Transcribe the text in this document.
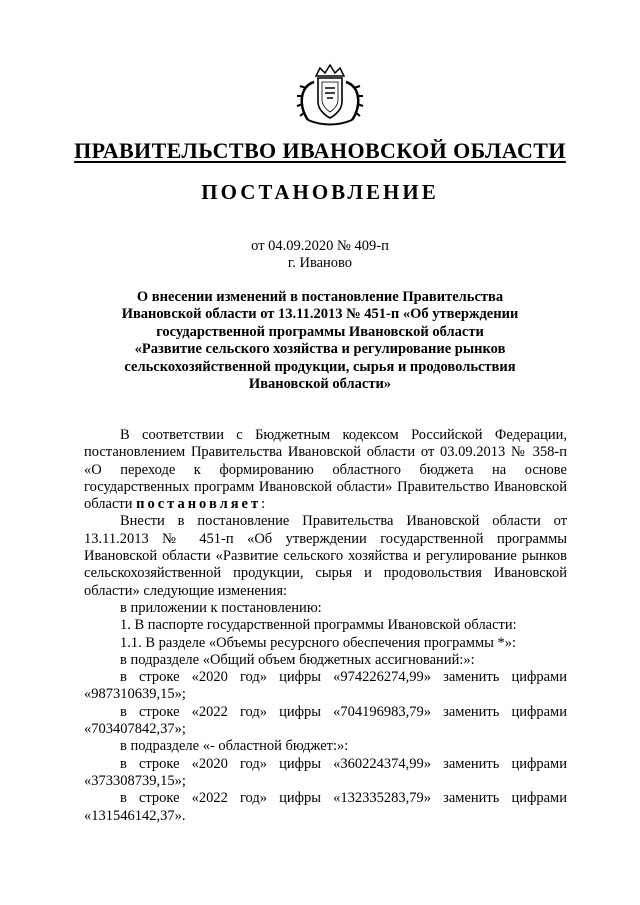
ПРАВИТЕЛЬСТВО ИВАНОВСКОЙ ОБЛАСТИ
ПОСТАНОВЛЕНИЕ
от 04.09.2020 № 409-п
г. Иваново
О внесении изменений в постановление Правительства
Ивановской области от 13.11.2013 № 451-п «Об утверждении
государственной программы Ивановской области
«Развитие сельского хозяйства и регулирование рынков
сельскохозяйственной продукции, сырья и продовольствия
Ивановской области»

В соответствии с Бюджетным кодексом Российской Федерации, постановлением Правительства Ивановской области от 03.09.2013 № 358-п «О переходе к формированию областного бюджета на основе государственных программ Ивановской области» Правительство Ивановской области постановляет:

Внести в постановление Правительства Ивановской области от 13.11.2013 № 451-п «Об утверждении государственной программы Ивановской области «Развитие сельского хозяйства и регулирование рынков сельскохозяйственной продукции, сырья и продовольствия Ивановской области» следующие изменения:

в приложении к постановлению:

1. В паспорте государственной программы Ивановской области:

1.1. В разделе «Объемы ресурсного обеспечения программы *»:

в подразделе «Общий объем бюджетных ассигнований:»:

в строке «2020 год» цифры «974226274,99» заменить цифрами «987310639,15»;

в строке «2022 год» цифры «704196983,79» заменить цифрами «703407842,37»;

в подразделе «- областной бюджет:»:

в строке «2020 год» цифры «360224374,99» заменить цифрами «373308739,15»;

в строке «2022 год» цифры «132335283,79» заменить цифрами «131546142,37».
